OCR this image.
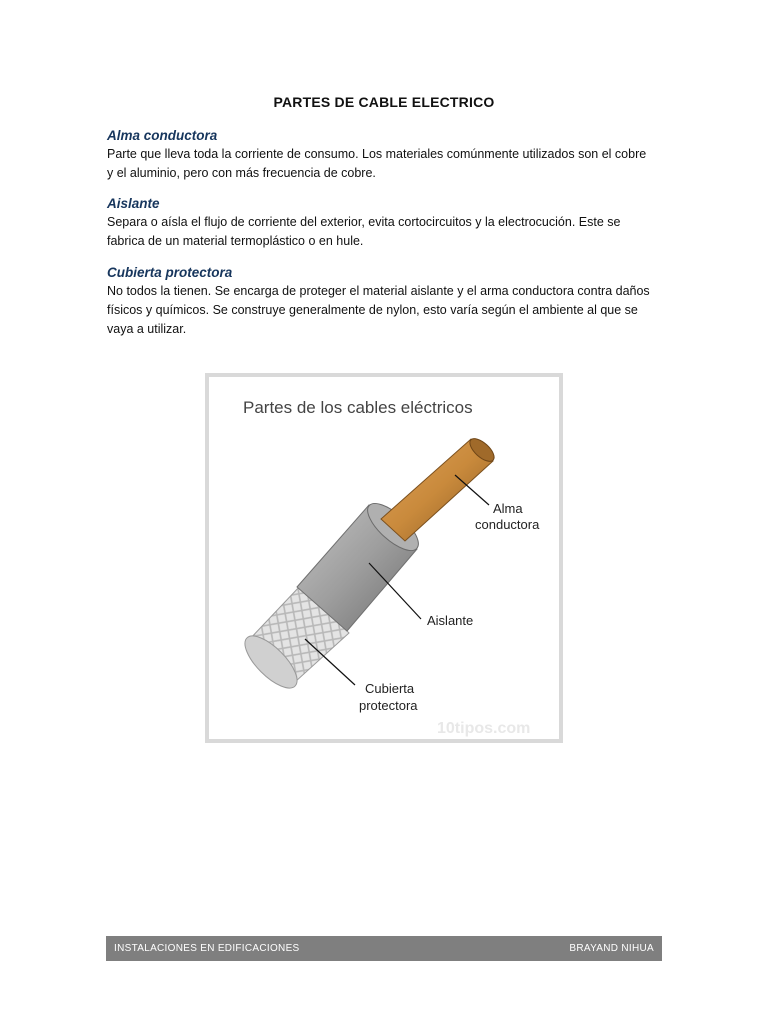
PARTES DE CABLE ELECTRICO
Alma conductora

Parte que lleva toda la corriente de consumo. Los materiales comúnmente utilizados son el cobre

y el aluminio, pero con más frecuencia de cobre.

Aislante

Separa o aísla el flujo de corriente del exterior, evita cortocircuitos y la electrocución. Este se

fabrica de un material termoplástico o en hule.

Cubierta protectora

No todos la tienen. Se encarga de proteger el material aislante y el arma conductora contra daños

físicos y químicos. Se construye generalmente de nylon, esto varía según el ambiente al que se

vaya a utilizar.

Partes de los cables eléctricos
Alma
conductora
Aislante
Cubierta
protectora
10tipos.com
INSTALACIONES EN EDIFICACIONES	BRAYAND NIHUA
